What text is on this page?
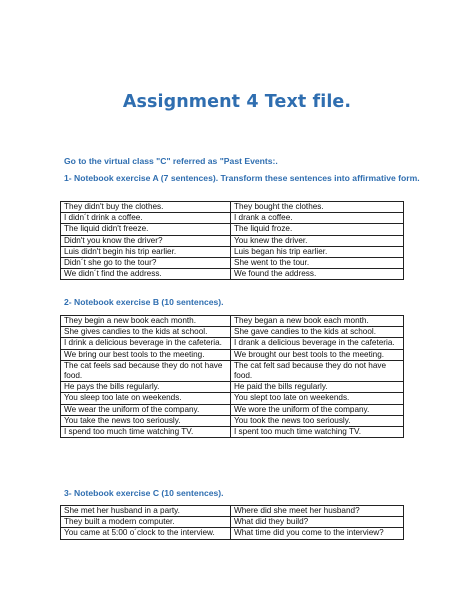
Assignment 4 Text file.
Go to the virtual class "C" referred as "Past Events:.
1- Notebook exercise A (7 sentences). Transform these sentences into affirmative form.
They didn't buy the clothes.	They bought the clothes.
I didn´t drink a coffee.	I drank a coffee.
The liquid didn't freeze.	The liquid froze.
Didn't you know the driver?	You knew the driver.
Luis didn't begin his trip earlier.	Luis began his trip earlier.
Didn´t she go to the tour?	She went to the tour.
We didn´t find the address.	We found the address.
2- Notebook exercise B (10 sentences).
They begin a new book each month.	They began a new book each month.
She gives candies to the kids at school.	She gave candies to the kids at school.
I drink a delicious beverage in the cafeteria.	I drank a delicious beverage in the cafeteria.
We bring our best tools to the meeting.	We brought our best tools to the meeting.
The cat feels sad because they do not have food.	The cat felt sad because they do not have food.
He pays the bills regularly.	He paid the bills regularly.
You sleep too late on weekends.	You slept too late on weekends.
We wear the uniform of the company.	We wore the uniform of the company.
You take the news too seriously.	You took the news too seriously.
I spend too much time watching TV.	I spent too much time watching TV.
3- Notebook exercise C (10 sentences).
She met her husband in a party.	Where did she meet her husband?
They built a modern computer.	What did they build?
You came at 5:00 o´clock to the interview.	What time did you come to the interview?
